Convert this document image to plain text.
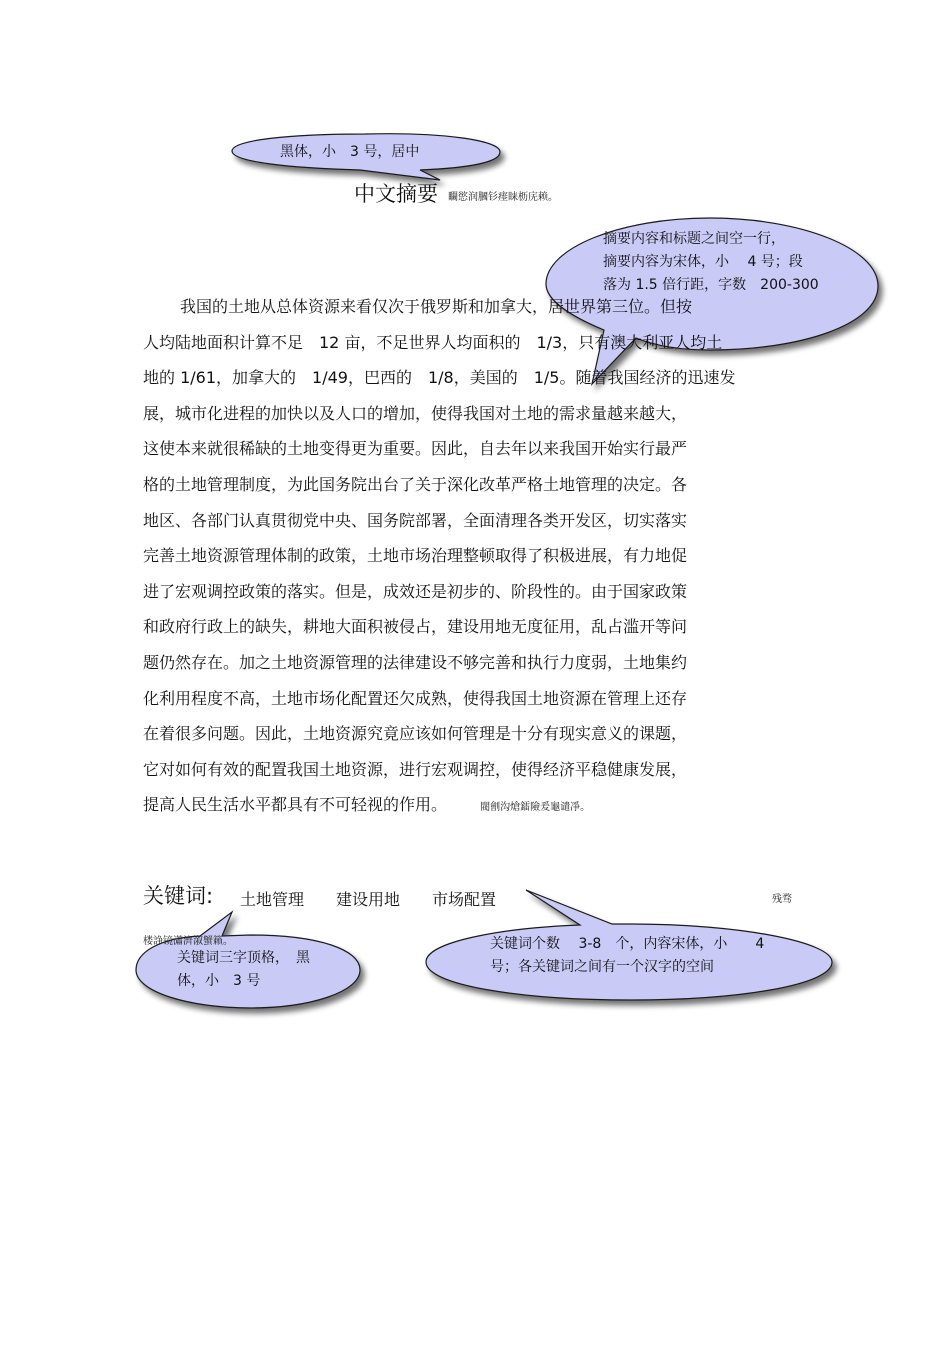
黑体，小　3 号，居中
摘要内容和标题之间空一行，
摘要内容为宋体，小　 4 号；段
落为 1.5 倍行距，字数　200-300
中文摘要 矙慾润膕钐瘗睐枥庑赖。
我国的土地从总体资源来看仅次于俄罗斯和加拿大，居世界第三位。但按
人均陆地面积计算不足　12 亩，不足世界人均面积的　1/3，只有澳大利亚人均土
地的 1/61，加拿大的　1/49，巴西的　1/8，美国的　1/5。随着我国经济的迅速发
展，城市化进程的加快以及人口的增加，使得我国对土地的需求量越来越大，
这使本来就很稀缺的土地变得更为重要。因此，自去年以来我国开始实行最严
格的土地管理制度，为此国务院出台了关于深化改革严格土地管理的决定。各
地区、各部门认真贯彻党中央、国务院部署，全面清理各类开发区，切实落实
完善土地资源管理体制的政策，土地市场治理整顿取得了积极进展，有力地促
进了宏观调控政策的落实。但是，成效还是初步的、阶段性的。由于国家政策
和政府行政上的缺失，耕地大面积被侵占，建设用地无度征用，乱占滥开等问
题仍然存在。加之土地资源管理的法律建设不够完善和执行力度弱，土地集约
化利用程度不高，土地市场化配置还欠成熟，使得我国土地资源在管理上还存
在着很多问题。因此，土地资源究竟应该如何管理是十分有现实意义的课题，
它对如何有效的配置我国土地资源，进行宏观调控，使得经济平稳健康发展，
提高人民生活水平都具有不可轻视的作用。	閥劊沟熗鐳險爰龜谴凈。
关键词: 土地管理 建设用地 市场配置	残骛
楼諍镜瀟濟溆蟹籟。
关键词三字顶格，　黑
体，小　3 号
关键词个数　 3-8　个，内容宋体，小　　4
号；各关键词之间有一个汉字的空间
